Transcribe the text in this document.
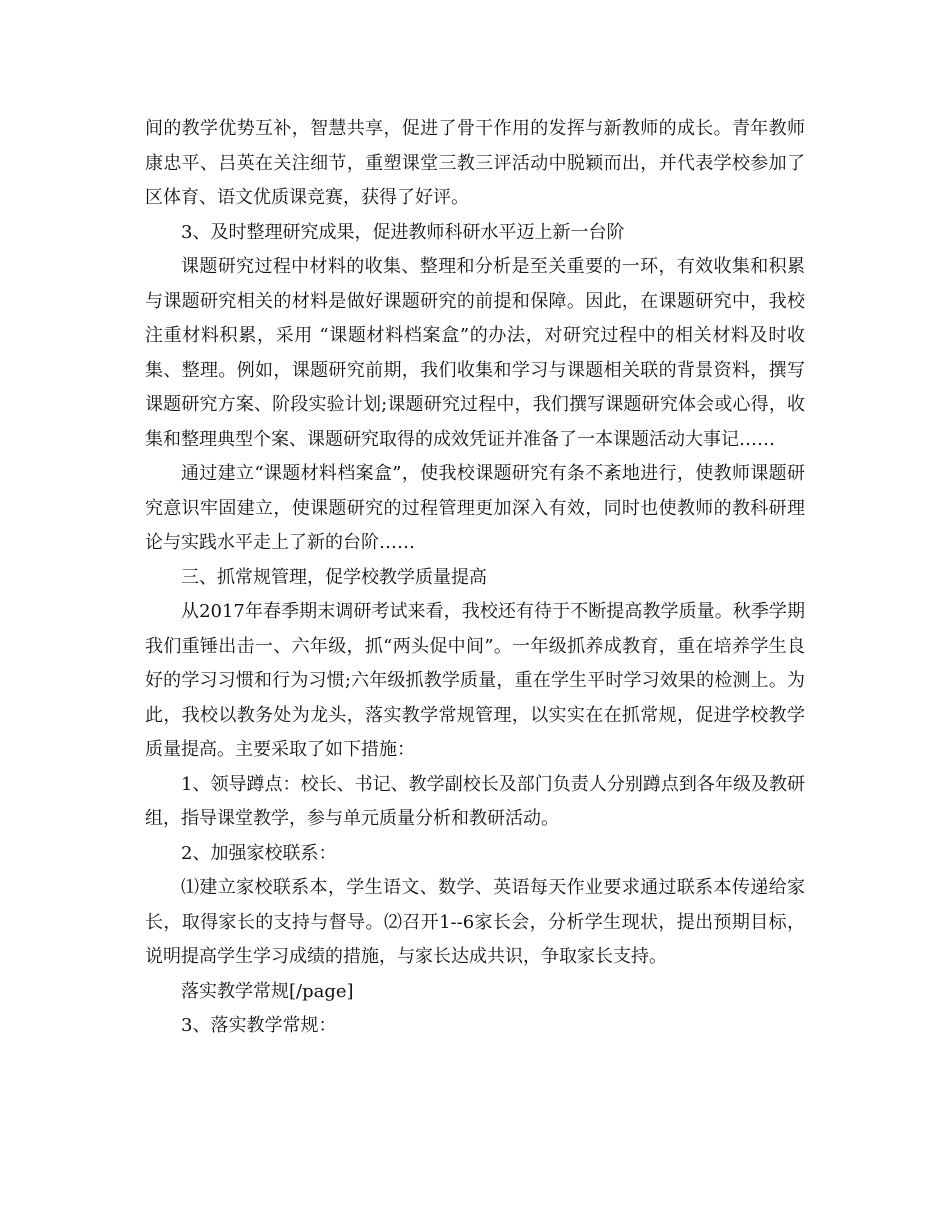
间的教学优势互补，智慧共享，促进了骨干作用的发挥与新教师的成长。青年教师康忠平、吕英在关注细节，重塑课堂三教三评活动中脱颖而出，并代表学校参加了区体育、语文优质课竞赛，获得了好评。

3、及时整理研究成果，促进教师科研水平迈上新一台阶

课题研究过程中材料的收集、整理和分析是至关重要的一环，有效收集和积累与课题研究相关的材料是做好课题研究的前提和保障。因此，在课题研究中，我校注重材料积累，采用 “课题材料档案盒”的办法，对研究过程中的相关材料及时收集、整理。例如，课题研究前期，我们收集和学习与课题相关联的背景资料，撰写课题研究方案、阶段实验计划;课题研究过程中，我们撰写课题研究体会或心得，收集和整理典型个案、课题研究取得的成效凭证并准备了一本课题活动大事记……

通过建立“课题材料档案盒”，使我校课题研究有条不紊地进行，使教师课题研究意识牢固建立，使课题研究的过程管理更加深入有效，同时也使教师的教科研理论与实践水平走上了新的台阶……

三、抓常规管理，促学校教学质量提高

从2017年春季期末调研考试来看，我校还有待于不断提高教学质量。秋季学期我们重锤出击一、六年级，抓“两头促中间”。一年级抓养成教育，重在培养学生良好的学习习惯和行为习惯;六年级抓教学质量，重在学生平时学习效果的检测上。为此，我校以教务处为龙头，落实教学常规管理，以实实在在抓常规，促进学校教学质量提高。主要采取了如下措施：

1、领导蹲点：校长、书记、教学副校长及部门负责人分别蹲点到各年级及教研组，指导课堂教学，参与单元质量分析和教研活动。

2、加强家校联系：

⑴建立家校联系本，学生语文、数学、英语每天作业要求通过联系本传递给家长，取得家长的支持与督导。⑵召开1--6家长会，分析学生现状，提出预期目标，说明提高学生学习成绩的措施，与家长达成共识，争取家长支持。

落实教学常规[/page]

3、落实教学常规：
